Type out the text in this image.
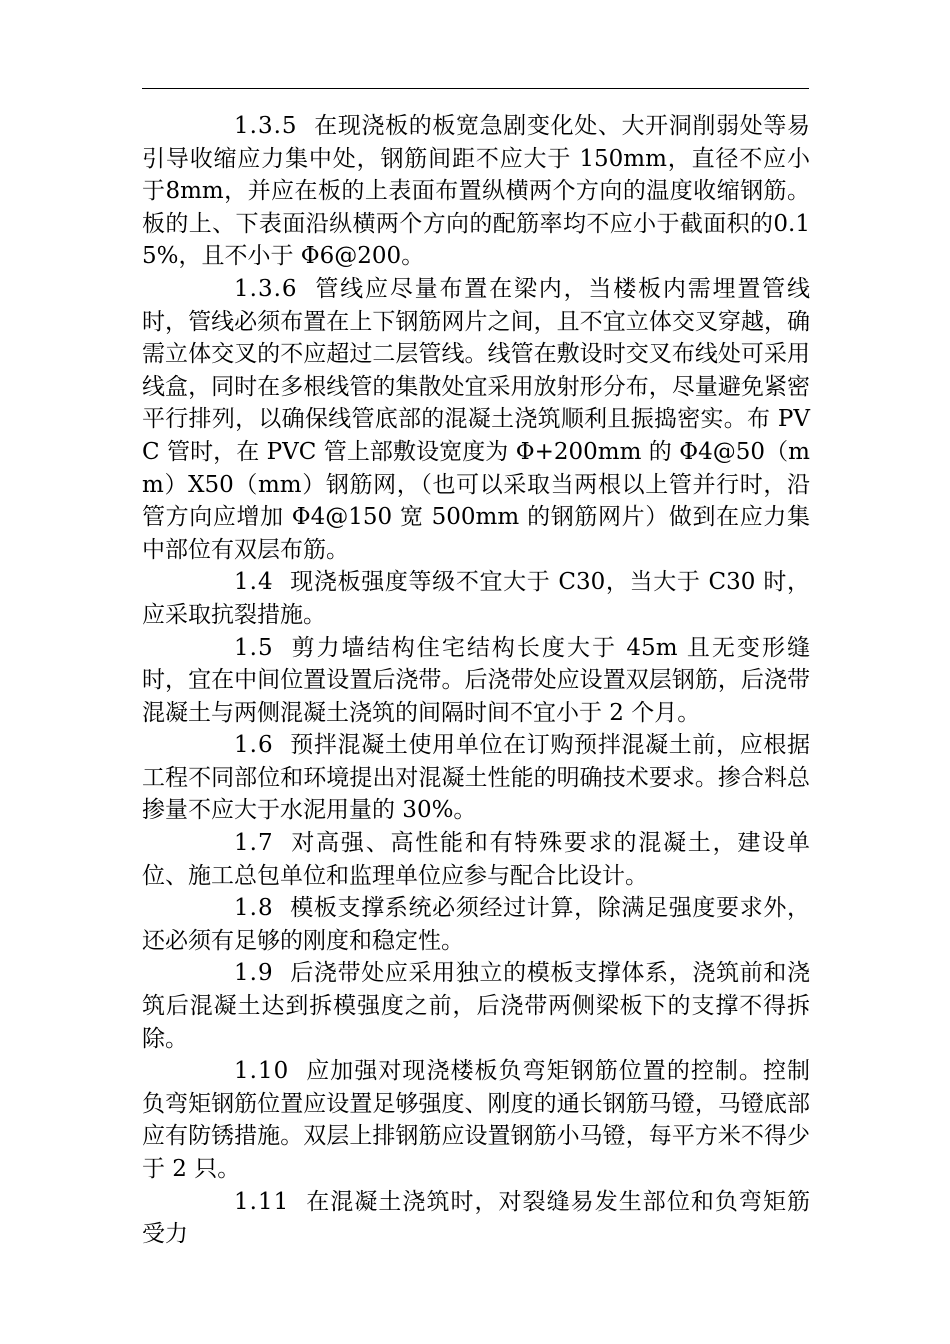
1.3.5 在现浇板的板宽急剧变化处、大开洞削弱处等易引导收缩应力集中处，钢筋间距不应大于 150mm，直径不应小于8mm，并应在板的上表面布置纵横两个方向的温度收缩钢筋。板的上、下表面沿纵横两个方向的配筋率均不应小于截面积的0.15%，且不小于 Φ6@200。

1.3.6 管线应尽量布置在梁内，当楼板内需埋置管线时，管线必须布置在上下钢筋网片之间，且不宜立体交叉穿越，确需立体交叉的不应超过二层管线。线管在敷设时交叉布线处可采用线盒，同时在多根线管的集散处宜采用放射形分布，尽量避免紧密平行排列，以确保线管底部的混凝土浇筑顺利且振捣密实。布 PVC 管时，在 PVC 管上部敷设宽度为 Φ+200mm 的 Φ4@50（mm）Х50（mm）钢筋网，（也可以采取当两根以上管并行时，沿管方向应增加 Φ4@150 宽 500mm 的钢筋网片）做到在应力集中部位有双层布筋。

1.4 现浇板强度等级不宜大于 C30，当大于 C30 时，应采取抗裂措施。

1.5 剪力墙结构住宅结构长度大于 45m 且无变形缝时，宜在中间位置设置后浇带。后浇带处应设置双层钢筋，后浇带混凝土与两侧混凝土浇筑的间隔时间不宜小于 2 个月。

1.6 预拌混凝土使用单位在订购预拌混凝土前，应根据工程不同部位和环境提出对混凝土性能的明确技术要求。掺合料总掺量不应大于水泥用量的 30%。

1.7 对高强、高性能和有特殊要求的混凝土，建设单位、施工总包单位和监理单位应参与配合比设计。

1.8 模板支撑系统必须经过计算，除满足强度要求外，还必须有足够的刚度和稳定性。

1.9 后浇带处应采用独立的模板支撑体系，浇筑前和浇筑后混凝土达到拆模强度之前，后浇带两侧梁板下的支撑不得拆除。

1.10 应加强对现浇楼板负弯矩钢筋位置的控制。控制负弯矩钢筋位置应设置足够强度、刚度的通长钢筋马镫，马镫底部应有防锈措施。双层上排钢筋应设置钢筋小马镫，每平方米不得少于 2 只。

1.11 在混凝土浇筑时，对裂缝易发生部位和负弯矩筋受力
